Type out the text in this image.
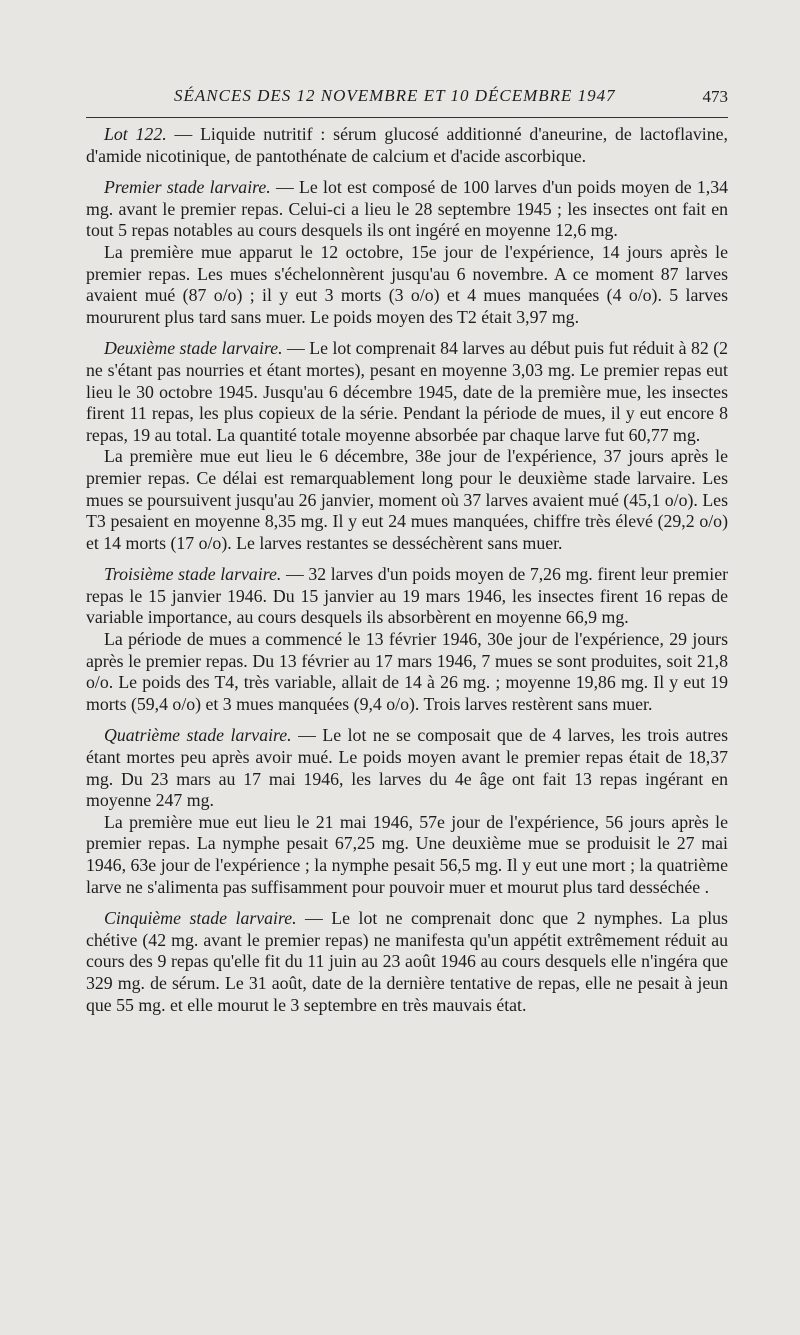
SÉANCES DES 12 NOVEMBRE ET 10 DÉCEMBRE 1947	473

Lot 122. — Liquide nutritif : sérum glucosé additionné d'aneurine, de lactoflavine, d'amide nicotinique, de pantothénate de calcium et d'acide ascorbique.

Premier stade larvaire. — Le lot est composé de 100 larves d'un poids moyen de 1,34 mg. avant le premier repas. Celui-ci a lieu le 28 septembre 1945 ; les insectes ont fait en tout 5 repas notables au cours desquels ils ont ingéré en moyenne 12,6 mg.

La première mue apparut le 12 octobre, 15e jour de l'expérience, 14 jours après le premier repas. Les mues s'échelonnèrent jusqu'au 6 novembre. A ce moment 87 larves avaient mué (87 o/o) ; il y eut 3 morts (3 o/o) et 4 mues manquées (4 o/o). 5 larves moururent plus tard sans muer. Le poids moyen des T2 était 3,97 mg.

Deuxième stade larvaire. — Le lot comprenait 84 larves au début puis fut réduit à 82 (2 ne s'étant pas nourries et étant mortes), pesant en moyenne 3,03 mg. Le premier repas eut lieu le 30 octobre 1945. Jusqu'au 6 décembre 1945, date de la première mue, les insectes firent 11 repas, les plus copieux de la série. Pendant la période de mues, il y eut encore 8 repas, 19 au total. La quantité totale moyenne absorbée par chaque larve fut 60,77 mg.

La première mue eut lieu le 6 décembre, 38e jour de l'expérience, 37 jours après le premier repas. Ce délai est remarquablement long pour le deuxième stade larvaire. Les mues se poursuivent jusqu'au 26 janvier, moment où 37 larves avaient mué (45,1 o/o). Les T3 pesaient en moyenne 8,35 mg. Il y eut 24 mues manquées, chiffre très élevé (29,2 o/o) et 14 morts (17 o/o). Le larves restantes se desséchèrent sans muer.

Troisième stade larvaire. — 32 larves d'un poids moyen de 7,26 mg. firent leur premier repas le 15 janvier 1946. Du 15 janvier au 19 mars 1946, les insectes firent 16 repas de variable importance, au cours desquels ils absorbèrent en moyenne 66,9 mg.

La période de mues a commencé le 13 février 1946, 30e jour de l'expérience, 29 jours après le premier repas. Du 13 février au 17 mars 1946, 7 mues se sont produites, soit 21,8 o/o. Le poids des T4, très variable, allait de 14 à 26 mg. ; moyenne 19,86 mg. Il y eut 19 morts (59,4 o/o) et 3 mues manquées (9,4 o/o). Trois larves restèrent sans muer.

Quatrième stade larvaire. — Le lot ne se composait que de 4 larves, les trois autres étant mortes peu après avoir mué. Le poids moyen avant le premier repas était de 18,37 mg. Du 23 mars au 17 mai 1946, les larves du 4e âge ont fait 13 repas ingérant en moyenne 247 mg.

La première mue eut lieu le 21 mai 1946, 57e jour de l'expérience, 56 jours après le premier repas. La nymphe pesait 67,25 mg. Une deuxième mue se produisit le 27 mai 1946, 63e jour de l'expérience ; la nymphe pesait 56,5 mg. Il y eut une mort ; la quatrième larve ne s'alimenta pas suffisamment pour pouvoir muer et mourut plus tard desséchée .

Cinquième stade larvaire. — Le lot ne comprenait donc que 2 nymphes. La plus chétive (42 mg. avant le premier repas) ne manifesta qu'un appétit extrêmement réduit au cours des 9 repas qu'elle fit du 11 juin au 23 août 1946 au cours desquels elle n'ingéra que 329 mg. de sérum. Le 31 août, date de la dernière tentative de repas, elle ne pesait à jeun que 55 mg. et elle mourut le 3 septembre en très mauvais état.
